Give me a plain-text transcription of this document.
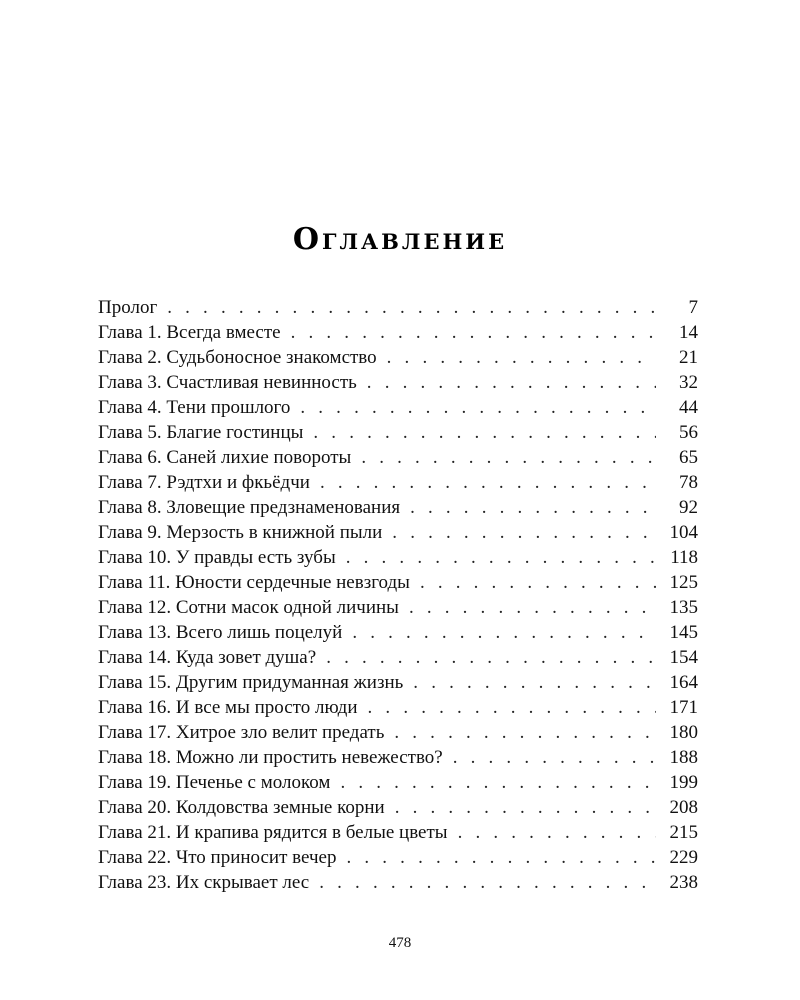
Оглавление
Пролог . . .	7
Глава 1. Всегда вместе . . .	14
Глава 2. Судьбоносное знакомство . . .	21
Глава 3. Счастливая невинность . . .	32
Глава 4. Тени прошлого . . .	44
Глава 5. Благие гостинцы . . .	56
Глава 6. Саней лихие повороты . . .	65
Глава 7. Рэдтхи и фкьёдчи . . .	78
Глава 8. Зловещие предзнаменования . . .	92
Глава 9. Мерзость в книжной пыли . . .	104
Глава 10. У правды есть зубы . . .	118
Глава 11. Юности сердечные невзгоды . . .	125
Глава 12. Сотни масок одной личины . . .	135
Глава 13. Всего лишь поцелуй . . .	145
Глава 14. Куда зовет душа? . . .	154
Глава 15. Другим придуманная жизнь . . .	164
Глава 16. И все мы просто люди . . .	171
Глава 17. Хитрое зло велит предать . . .	180
Глава 18. Можно ли простить невежество? . . .	188
Глава 19. Печенье с молоком . . .	199
Глава 20. Колдовства земные корни . . .	208
Глава 21. И крапива рядится в белые цветы . . .	215
Глава 22. Что приносит вечер . . .	229
Глава 23. Их скрывает лес . . .	238
478
